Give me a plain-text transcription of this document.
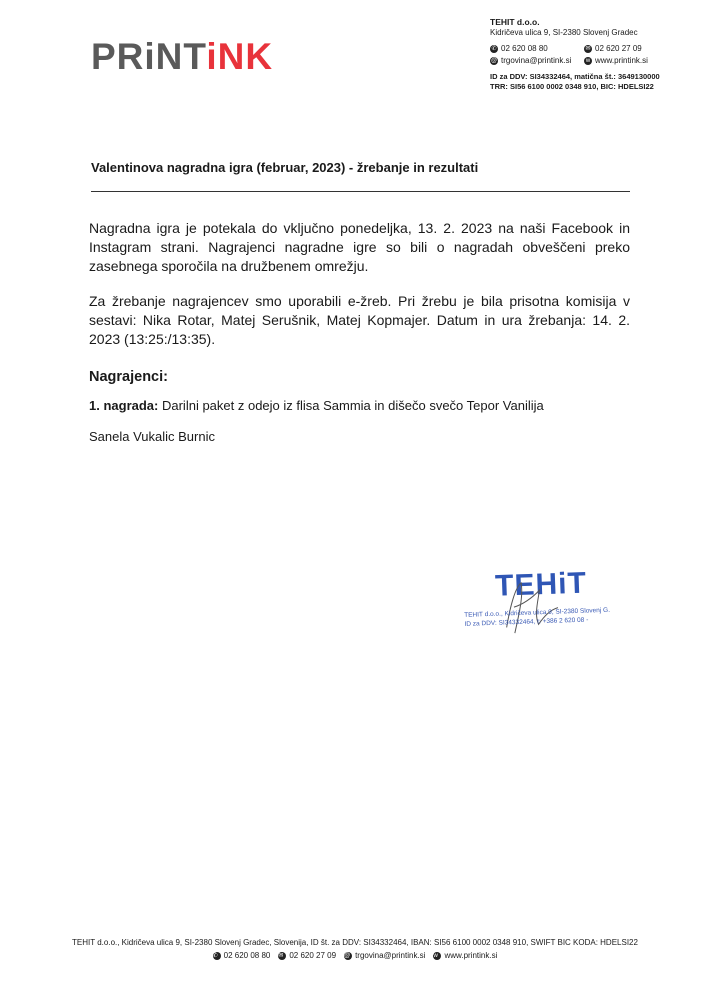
PRiNTiNK
TEHIT d.o.o.
Kidričeva ulica 9, SI-2380 Slovenj Gradec
✆ 02 620 08 80	✉ 02 620 27 09
@ trgovina@printink.si	w www.printink.si
ID za DDV: SI34332464, matična št.: 3649130000
TRR: SI56 6100 0002 0348 910, BIC: HDELSI22
Valentinova nagradna igra (februar, 2023) - žrebanje in rezultati
Nagradna igra je potekala do vključno ponedeljka, 13. 2. 2023 na naši Facebook in Instagram strani. Nagrajenci nagradne igre so bili o nagradah obveščeni preko zasebnega sporočila na družbenem omrežju.
Za žrebanje nagrajencev smo uporabili e-žreb. Pri žrebu je bila prisotna komisija v sestavi: Nika Rotar, Matej Serušnik, Matej Kopmajer. Datum in ura žrebanja: 14. 2. 2023 (13:25:/13:35).
Nagrajenci:
1. nagrada: Darilni paket z odejo iz flisa Sammia in dišečo svečo Tepor Vanilija
Sanela Vukalic Burnic
TEHiT
TEHIT d.o.o., Kidričeva ulica 9, SI-2380 Slovenj G.
ID za DDV: SI34332464, t: +386 2 620 08 -
TEHIT d.o.o., Kidričeva ulica 9, SI-2380 Slovenj Gradec, Slovenija, ID št. za DDV: SI34332464, IBAN: SI56 6100 0002 0348 910, SWIFT BIC KODA: HDELSI22
✆ 02 620 08 80 ✉ 02 620 27 09 @ trgovina@printink.si w www.printink.si
